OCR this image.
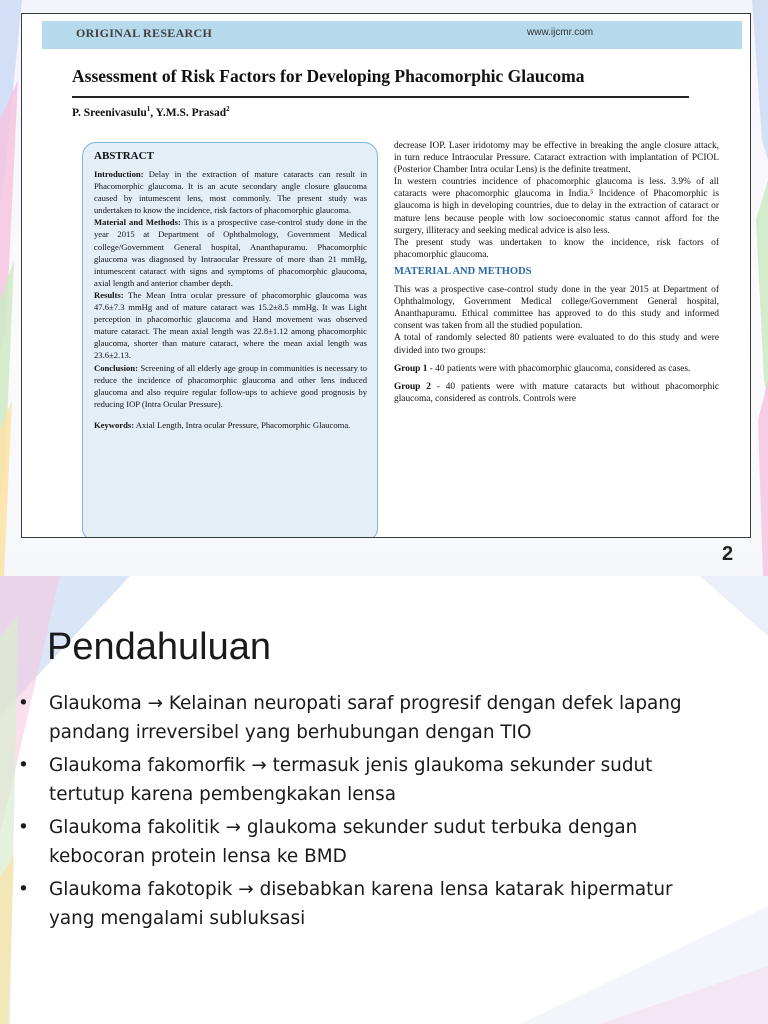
ORIGINAL RESEARCH	www.ijcmr.com
Assessment of Risk Factors for Developing Phacomorphic Glaucoma
P. Sreenivasulu$^1$, Y.M.S. Prasad$^2$
ABSTRACT

Introduction: Delay in the extraction of mature cataracts can result in Phacomorphic glaucoma. It is an acute secondary angle closure glaucoma caused by intumescent lens, most commonly. The present study was undertaken to know the incidence, risk factors of phacomorphic glaucoma.

Material and Methods: This is a prospective case-control study done in the year 2015 at Department of Ophthalmology, Government Medical college/Government General hospital, Ananthapuramu. Phacomorphic glaucoma was diagnosed by Intraocular Pressure of more than 21 mmHg, intumescent cataract with signs and symptoms of phacomorphic glaucoma, axial length and anterior chamber depth.

Results: The Mean Intra ocular pressure of phacomorphic glaucoma was 47.6±7.3 mmHg and of mature cataract was 15.2±8.5 mmHg. It was Light perception in phacomorhic glaucoma and Hand movement was observed mature cataract. The mean axial length was 22.8±1.12 among phacomorphic glaucoma, shorter than mature cataract, where the mean axial length was 23.6±2.13.

Conclusion: Screening of all elderly age group in communities is necessary to reduce the incidence of phacomorphic glaucoma and other lens induced glaucoma and also require regular follow-ups to achieve good prognosis by reducing IOP (Intra Ocular Pressure).

Keywords: Axial Length, Intra ocular Pressure, Phacomorphic Glaucoma.

decrease IOP. Laser iridotomy may be effective in breaking the angle closure attack, in turn reduce Intraocular Pressure. Cataract extraction with implantation of PCIOL (Posterior Chamber Intra ocular Lens) is the definite treatment.

In western countries incidence of phacomorphic glaucoma is less. 3.9% of all cataracts were phacomorphic glaucoma in India.⁵ Incidence of Phacomorphic is glaucoma is high in developing countries, due to delay in the extraction of cataract or mature lens because people with low socioeconomic status cannot afford for the surgery, illiteracy and seeking medical advice is also less.

The present study was undertaken to know the incidence, risk factors of phacomorphic glaucoma.

MATERIAL AND METHODS

This was a prospective case-control study done in the year 2015 at Department of Ophthalmology, Government Medical college/Government General hospital, Ananthapuramu. Ethical committee has approved to do this study and informed consent was taken from all the studied population.

A total of randomly selected 80 patients were evaluated to do this study and were divided into two groups:

Group 1 - 40 patients were with phacomorphic glaucoma, considered as cases.

Group 2 - 40 patients were with mature cataracts but without phacomorphic glaucoma, considered as controls. Controls were

2
Pendahuluan
• Glaukoma → Kelainan neuropati saraf progresif dengan defek lapang pandang irreversibel yang berhubungan dengan TIO
• Glaukoma fakomorfik → termasuk jenis glaukoma sekunder sudut tertutup karena pembengkakan lensa
• Glaukoma fakolitik → glaukoma sekunder sudut terbuka dengan kebocoran protein lensa ke BMD
• Glaukoma fakotopik → disebabkan karena lensa katarak hipermatur yang mengalami subluksasi
